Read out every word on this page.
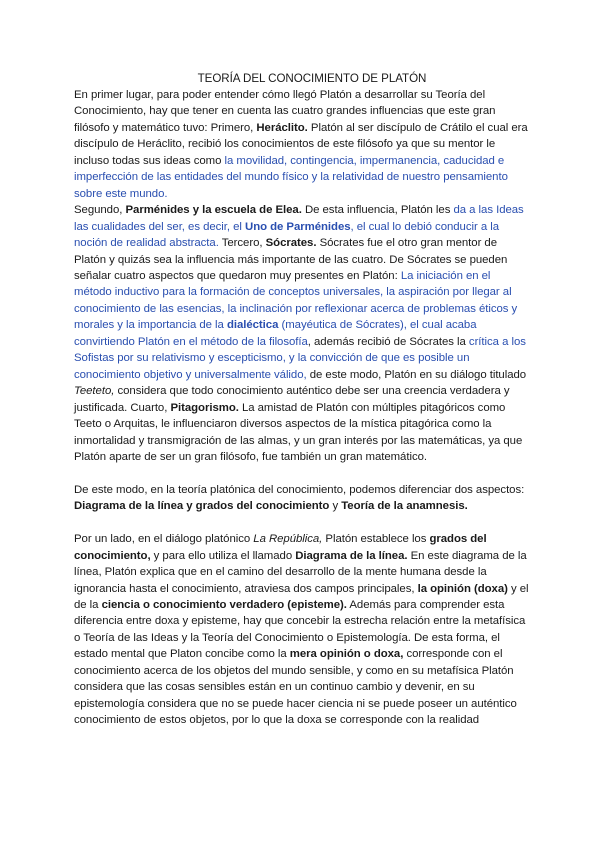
TEORÍA DEL CONOCIMIENTO DE PLATÓN

En primer lugar, para poder entender cómo llegó Platón a desarrollar su Teoría del Conocimiento, hay que tener en cuenta las cuatro grandes influencias que este gran filósofo y matemático tuvo: Primero, Heráclito. Platón al ser discípulo de Crátilo el cual era discípulo de Heráclito, recibió los conocimientos de este filósofo ya que su mentor le incluso todas sus ideas como la movilidad, contingencia, impermanencia, caducidad e imperfección de las entidades del mundo físico y la relatividad de nuestro pensamiento sobre este mundo.

Segundo, Parménides y la escuela de Elea. De esta influencia, Platón les da a las Ideas las cualidades del ser, es decir, el Uno de Parménides, el cual lo debió conducir a la noción de realidad abstracta. Tercero, Sócrates. Sócrates fue el otro gran mentor de Platón y quizás sea la influencia más importante de las cuatro. De Sócrates se pueden señalar cuatro aspectos que quedaron muy presentes en Platón: La iniciación en el método inductivo para la formación de conceptos universales, la aspiración por llegar al conocimiento de las esencias, la inclinación por reflexionar acerca de problemas éticos y morales y la importancia de la dialéctica (mayéutica de Sócrates), el cual acaba convirtiendo Platón en el método de la filosofía, además recibió de Sócrates la crítica a los Sofistas por su relativismo y escepticismo, y la convicción de que es posible un conocimiento objetivo y universalmente válido, de este modo, Platón en su diálogo titulado Teeteto, considera que todo conocimiento auténtico debe ser una creencia verdadera y justificada. Cuarto, Pitagorismo. La amistad de Platón con múltiples pitagóricos como Teeto o Arquitas, le influenciaron diversos aspectos de la mística pitagórica como la inmortalidad y transmigración de las almas, y un gran interés por las matemáticas, ya que Platón aparte de ser un gran filósofo, fue también un gran matemático.

De este modo, en la teoría platónica del conocimiento, podemos diferenciar dos aspectos:

Diagrama de la línea y grados del conocimiento y Teoría de la anamnesis.

Por un lado, en el diálogo platónico La República, Platón establece los grados del conocimiento, y para ello utiliza el llamado Diagrama de la línea. En este diagrama de la línea, Platón explica que en el camino del desarrollo de la mente humana desde la ignorancia hasta el conocimiento, atraviesa dos campos principales, la opinión (doxa) y el de la ciencia o conocimiento verdadero (episteme). Además para comprender esta diferencia entre doxa y episteme, hay que concebir la estrecha relación entre la metafísica o Teoría de las Ideas y la Teoría del Conocimiento o Epistemología. De esta forma, el estado mental que Platon concibe como la mera opinión o doxa, corresponde con el conocimiento acerca de los objetos del mundo sensible, y como en su metafísica Platón considera que las cosas sensibles están en un continuo cambio y devenir, en su epistemología considera que no se puede hacer ciencia ni se puede poseer un auténtico conocimiento de estos objetos, por lo que la doxa se corresponde con la realidad
